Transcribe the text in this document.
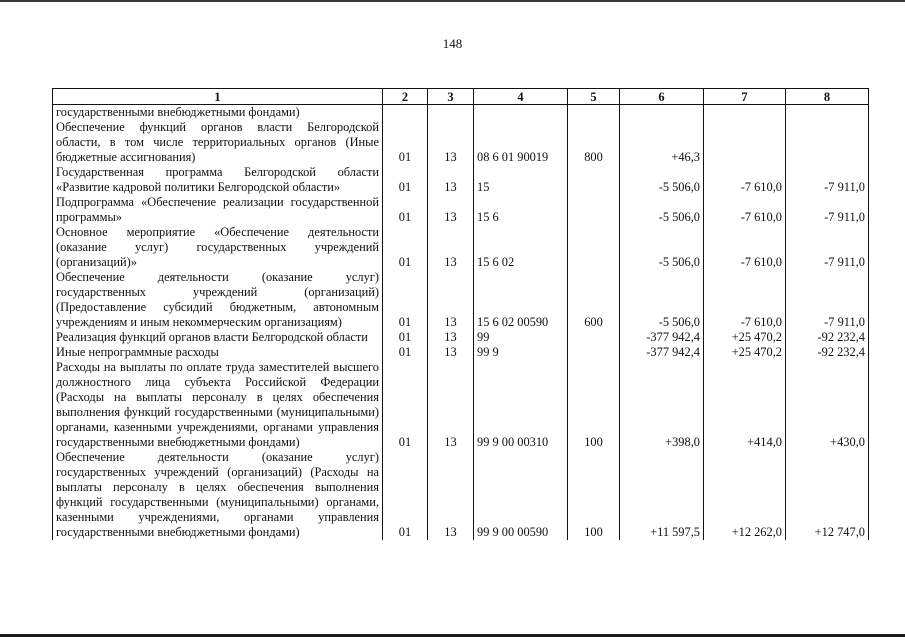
148
1	2	3	4	5	6	7	8
государственными внебюджетными фондами)							
Обеспечение функций органов власти Белгородской области, в том числе территориальных органов (Иные бюджетные ассигнования)	01	13	08 6 01 90019	800	+46,3		
Государственная программа Белгородской области «Развитие кадровой политики Белгородской области»	01	13	15		-5 506,0	-7 610,0	-7 911,0
Подпрограмма «Обеспечение реализации государственной программы»	01	13	15 6		-5 506,0	-7 610,0	-7 911,0
Основное мероприятие «Обеспечение деятельности (оказание услуг) государственных учреждений (организаций)»	01	13	15 6 02		-5 506,0	-7 610,0	-7 911,0
Обеспечение деятельности (оказание услуг) государственных учреждений (организаций) (Предоставление субсидий бюджетным, автономным учреждениям и иным некоммерческим организациям)	01	13	15 6 02 00590	600	-5 506,0	-7 610,0	-7 911,0
Реализация функций органов власти Белгородской области	01	13	99		-377 942,4	+25 470,2	-92 232,4
Иные непрограммные расходы	01	13	99 9		-377 942,4	+25 470,2	-92 232,4
Расходы на выплаты по оплате труда заместителей высшего должностного лица субъекта Российской Федерации (Расходы на выплаты персоналу в целях обеспечения выполнения функций государственными (муниципальными) органами, казенными учреждениями, органами управления государственными внебюджетными фондами)	01	13	99 9 00 00310	100	+398,0	+414,0	+430,0
Обеспечение деятельности (оказание услуг) государственных учреждений (организаций) (Расходы на выплаты персоналу в целях обеспечения выполнения функций государственными (муниципальными) органами, казенными учреждениями, органами управления государственными внебюджетными фондами)	01	13	99 9 00 00590	100	+11 597,5	+12 262,0	+12 747,0
